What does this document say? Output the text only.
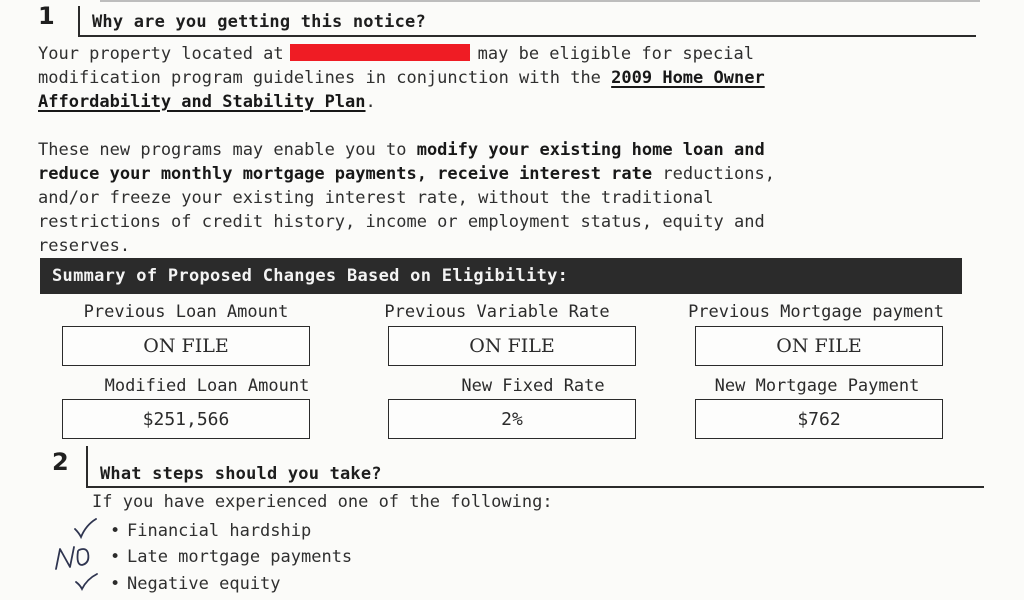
1 Why are you getting this notice?
Your property located at	may be eligible for special
modification program guidelines in conjunction with the 2009 Home Owner
Affordability and Stability Plan.
These new programs may enable you to modify your existing home loan and
reduce your monthly mortgage payments, receive interest rate reductions,
and/or freeze your existing interest rate, without the traditional
restrictions of credit history, income or employment status, equity and
reserves.
Summary of Proposed Changes Based on Eligibility:
Previous Loan Amount
ON FILE
Previous Variable Rate
ON FILE
Previous Mortgage payment
ON FILE
Modified Loan Amount
$251,566
New Fixed Rate
2%
New Mortgage Payment
$762
2 What steps should you take?
If you have experienced one of the following:
• Financial hardship
• Late mortgage payments
• Negative equity
